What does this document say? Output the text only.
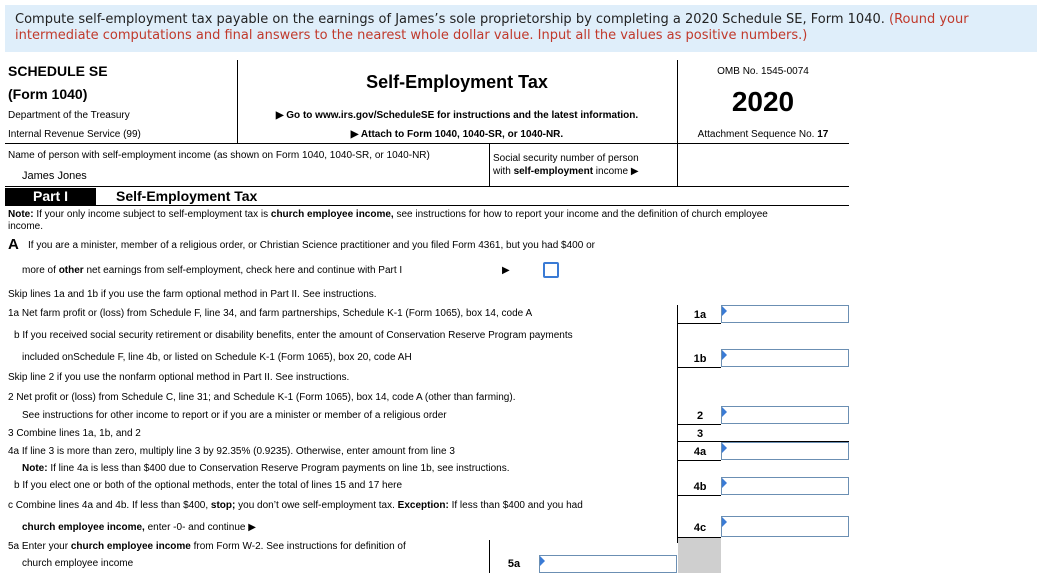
Compute self-employment tax payable on the earnings of James’s sole proprietorship by completing a 2020 Schedule SE, Form 1040. (Round your intermediate computations and final answers to the nearest whole dollar value. Input all the values as positive numbers.)
SCHEDULE SE
(Form 1040)
Department of the Treasury
Internal Revenue Service (99)
Self-Employment Tax
▶ Go to www.irs.gov/ScheduleSE for instructions and the latest information.
▶ Attach to Form 1040, 1040-SR, or 1040-NR.
OMB No. 1545-0074
2020
Attachment Sequence No. 17
Name of person with self-employment income (as shown on Form 1040, 1040-SR, or 1040-NR)
James Jones
Social security number of person
with self-employment income ▶
Part I	Self-Employment Tax
Note: If your only income subject to self-employment tax is church employee income, see instructions for how to report your income and the definition of church employee
income.
A If you are a minister, member of a religious order, or Christian Science practitioner and you filed Form 4361, but you had $400 or
more of other net earnings from self-employment, check here and continue with Part I	▶
Skip lines 1a and 1b if you use the farm optional method in Part II. See instructions.
1a Net farm profit or (loss) from Schedule F, line 34, and farm partnerships, Schedule K-1 (Form 1065), box 14, code A	1a
b If you received social security retirement or disability benefits, enter the amount of Conservation Reserve Program payments
included onSchedule F, line 4b, or listed on Schedule K-1 (Form 1065), box 20, code AH	1b
Skip line 2 if you use the nonfarm optional method in Part II. See instructions.
2 Net profit or (loss) from Schedule C, line 31; and Schedule K-1 (Form 1065), box 14, code A (other than farming).
See instructions for other income to report or if you are a minister or member of a religious order	2
3 Combine lines 1a, 1b, and 2	3
4a If line 3 is more than zero, multiply line 3 by 92.35% (0.9235). Otherwise, enter amount from line 3	4a
Note: If line 4a is less than $400 due to Conservation Reserve Program payments on line 1b, see instructions.
b If you elect one or both of the optional methods, enter the total of lines 15 and 17 here	4b
c Combine lines 4a and 4b. If less than $400, stop; you don’t owe self-employment tax. Exception: If less than $400 and you had
church employee income, enter -0- and continue ▶	4c
5a Enter your church employee income from Form W-2. See instructions for definition of
church employee income	5a
